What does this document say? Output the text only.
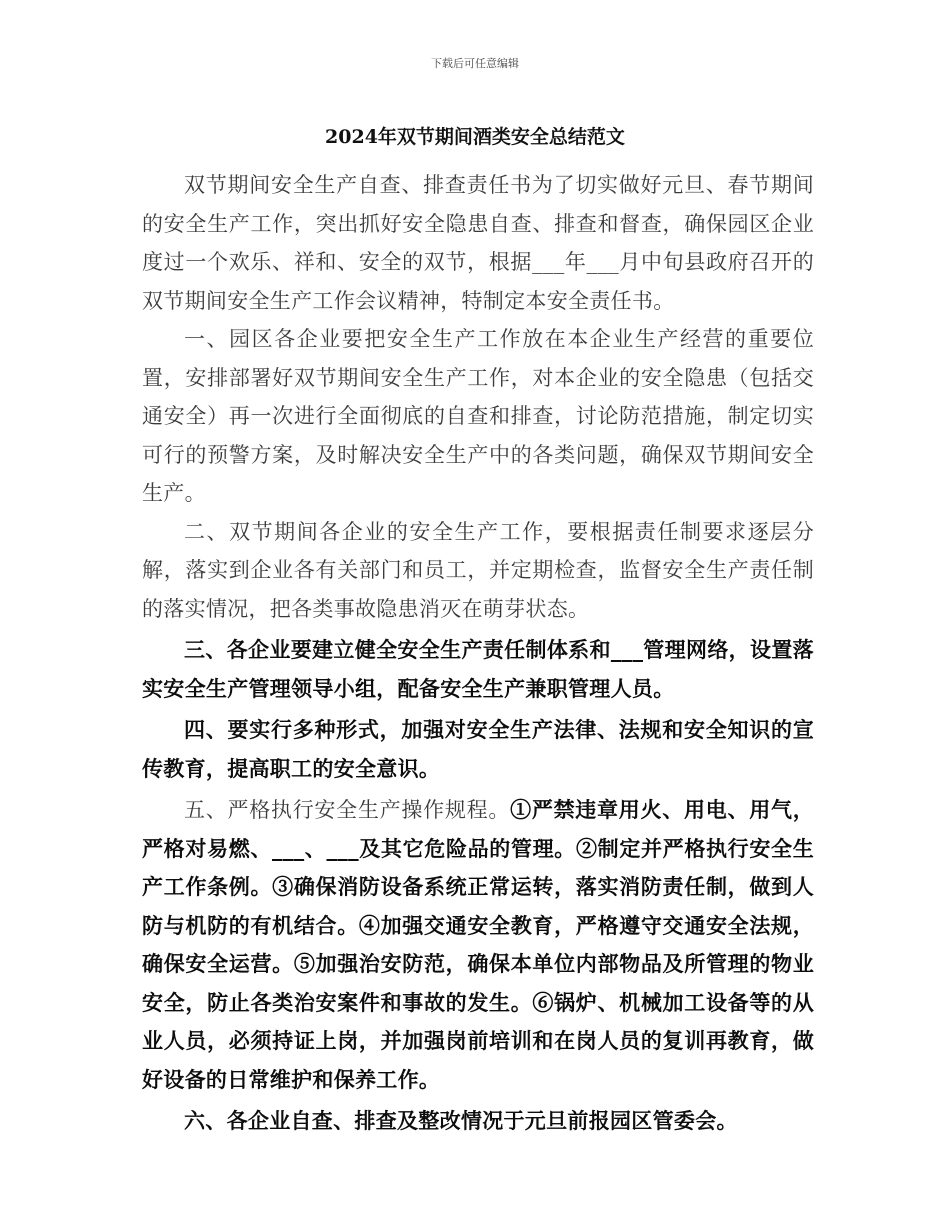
下载后可任意编辑
2024年双节期间酒类安全总结范文

双节期间安全生产自查、排查责任书为了切实做好元旦、春节期间的安全生产工作，突出抓好安全隐患自查、排查和督查，确保园区企业度过一个欢乐、祥和、安全的双节，根据___年___月中旬县政府召开的双节期间安全生产工作会议精神，特制定本安全责任书。

一、园区各企业要把安全生产工作放在本企业生产经营的重要位置，安排部署好双节期间安全生产工作，对本企业的安全隐患（包括交通安全）再一次进行全面彻底的自查和排查，讨论防范措施，制定切实可行的预警方案，及时解决安全生产中的各类问题，确保双节期间安全生产。

二、双节期间各企业的安全生产工作，要根据责任制要求逐层分解，落实到企业各有关部门和员工，并定期检查，监督安全生产责任制的落实情况，把各类事故隐患消灭在萌芽状态。

三、各企业要建立健全安全生产责任制体系和___管理网络，设置落实安全生产管理领导小组，配备安全生产兼职管理人员。

四、要实行多种形式，加强对安全生产法律、法规和安全知识的宣传教育，提高职工的安全意识。

五、严格执行安全生产操作规程。①严禁违章用火、用电、用气，严格对易燃、___、___及其它危险品的管理。②制定并严格执行安全生产工作条例。③确保消防设备系统正常运转，落实消防责任制，做到人防与机防的有机结合。④加强交通安全教育，严格遵守交通安全法规，确保安全运营。⑤加强治安防范，确保本单位内部物品及所管理的物业安全，防止各类治安案件和事故的发生。⑥锅炉、机械加工设备等的从业人员，必须持证上岗，并加强岗前培训和在岗人员的复训再教育，做好设备的日常维护和保养工作。

六、各企业自查、排查及整改情况于元旦前报园区管委会。
